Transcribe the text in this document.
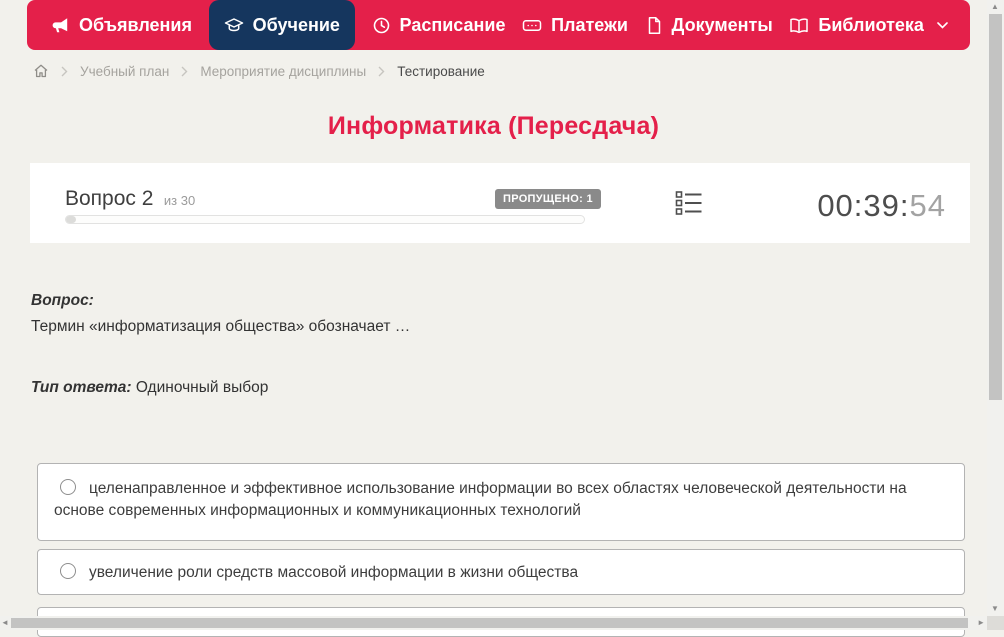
Объявления	Обучение	Расписание	Платежи Документы	Библиотека
Учебный план Мероприятие дисциплины Тестирование
Информатика (Пересдача)
Вопрос 2 из 30	ПРОПУЩЕНО: 1	00:39:54
Вопрос:
Термин «информатизация общества» обозначает …
Тип ответа: Одиночный выбор
целенаправленное и эффективное использование информации во всех областях человеческой деятельности на основе современных информационных и коммуникационных технологий
увеличение роли средств массовой информации в жизни общества
▲
▼
◄	►
